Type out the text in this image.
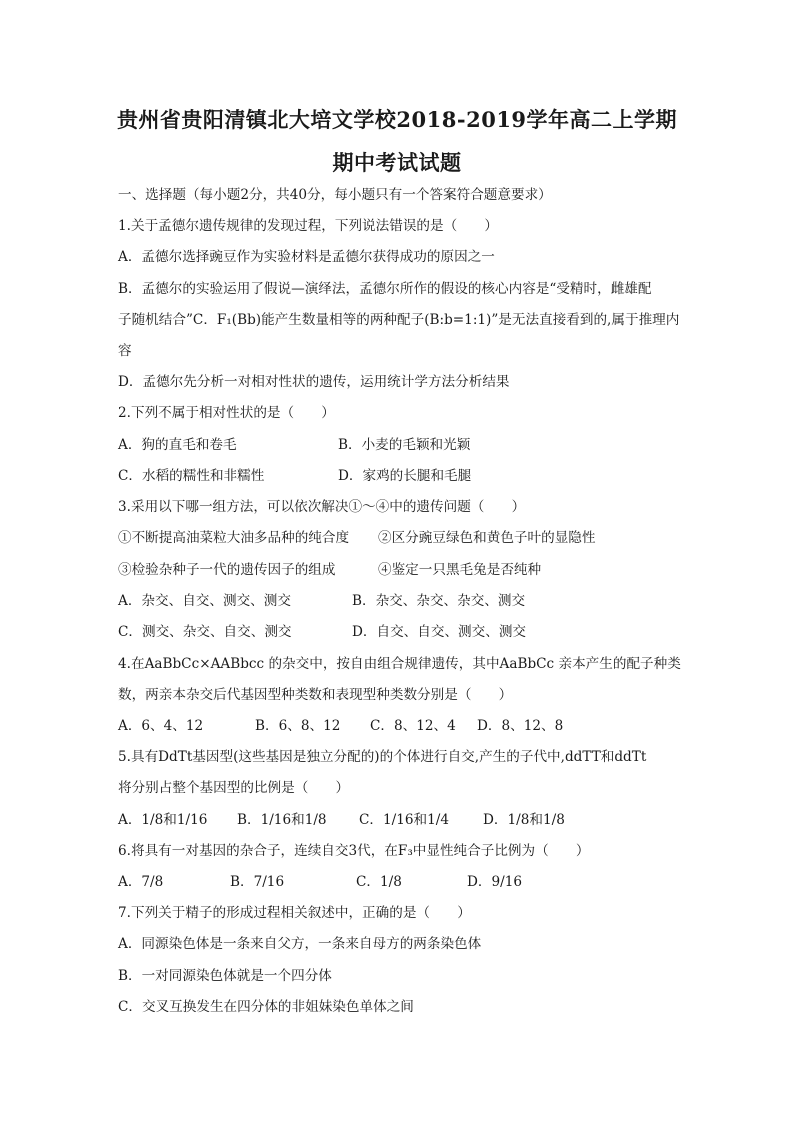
贵州省贵阳清镇北大培文学校2018-2019学年高二上学期
期中考试试题
一、选择题（每小题2分，共40分，每小题只有一个答案符合题意要求）
1.关于孟德尔遗传规律的发现过程，下列说法错误的是（　　）
A．孟德尔选择豌豆作为实验材料是孟德尔获得成功的原因之一
B．孟德尔的实验运用了假说—演绎法，孟德尔所作的假设的核心内容是“受精时，雌雄配
子随机结合”C．F₁(Bb)能产生数量相等的两种配子(B:b=1:1)”是无法直接看到的,属于推理内
容
D．孟德尔先分析一对相对性状的遗传，运用统计学方法分析结果
2.下列不属于相对性状的是（　　）
A．狗的直毛和卷毛	B．小麦的毛颖和光颖
C．水稻的糯性和非糯性	D．家鸡的长腿和毛腿
3.采用以下哪一组方法，可以依次解决①～④中的遗传问题（　　）
①不断提高油菜粒大油多品种的纯合度 ②区分豌豆绿色和黄色子叶的显隐性
③检验杂种子一代的遗传因子的组成	④鉴定一只黑毛兔是否纯种
A．杂交、自交、测交、测交	B．杂交、杂交、杂交、测交
C．测交、杂交、自交、测交	D．自交、自交、测交、测交
4.在AaBbCc×AABbcc 的杂交中，按自由组合规律遗传，其中AaBbCc 亲本产生的配子种类
数，两亲本杂交后代基因型种类数和表现型种类数分别是（　　）
A．6、4、12	B．6、8、12 C．8、12、4 D．8、12、8
5.具有DdTt基因型(这些基因是独立分配的)的个体进行自交,产生的子代中,ddTT和ddTt
将分别占整个基因型的比例是（　　）
A．1/8和1/16 B．1/16和1/8 C．1/16和1/4	D．1/8和1/8
6.将具有一对基因的杂合子，连续自交3代，在F₃中显性纯合子比例为（　　）
A．7/8	B．7/16	C．1/8	D．9/16
7.下列关于精子的形成过程相关叙述中，正确的是（　　）
A．同源染色体是一条来自父方，一条来自母方的两条染色体
B．一对同源染色体就是一个四分体
C．交叉互换发生在四分体的非姐妹染色单体之间
